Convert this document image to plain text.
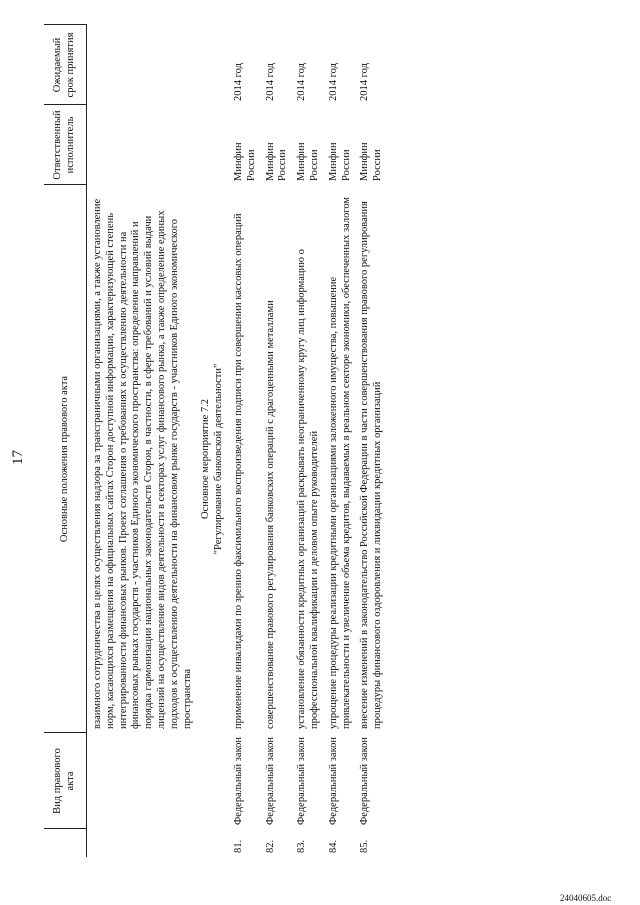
17
	Вид правового акта	Основные положения правового акта	Ответственный исполнитель	Ожидаемый срок принятия
		взаимного сотрудничества в целях осуществления надзора за трансграничными организациями, а также установление норм, касающихся размещения на официальных сайтах Сторон доступной информации, характеризующей степень интегрированности финансовых рынков. Проект соглашения о требованиях к осуществлению деятельности на финансовых рынках государств - участников Единого экономического пространства: определение направлений и порядка гармонизации национальных законодательств Сторон, в частности, в сфере требований и условий выдачи лицензий на осуществление видов деятельности в секторах услуг финансового рынка, а также определение единых подходов к осуществлению деятельности на финансовом рынке государств - участников Единого экономического пространства		

		Основное мероприятие 7.2 "Регулирование банковской деятельности"		

81.	Федеральный закон	применение инвалидами по зрению факсимильного воспроизведения подписи при совершении кассовых операций	Минфин России	2014 год
82.	Федеральный закон	совершенствование правового регулирования банковских операций с драгоценными металлами	Минфин России	2014 год
83.	Федеральный закон	установление обязанности кредитных организаций раскрывать неограниченному кругу лиц информацию о профессиональной квалификации и деловом опыте руководителей	Минфин России	2014 год
84.	Федеральный закон	упрощение процедуры реализации кредитными организациями заложенного имущества, повышение привлекательности и увеличение объема кредитов, выдаваемых в реальном секторе экономики, обеспеченных залогом	Минфин России	2014 год
85.	Федеральный закон	внесение изменений в законодательство Российской Федерации в части совершенствования правового регулирования процедуры финансового оздоровления и ликвидации кредитных организаций	Минфин России	2014 год
24040605.doc
